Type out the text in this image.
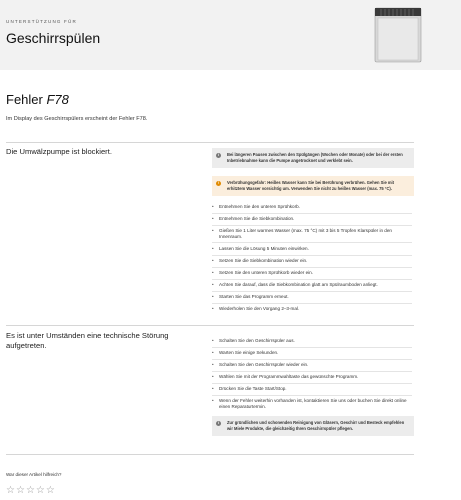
UNTERSTÜTZUNG FÜR
Geschirrspülen
Fehler F78
Im Display des Geschirrspülers erscheint der Fehler F78.
Die Umwälzpumpe ist blockiert.	i	Bei längeren Pausen zwischen den Spülgängen (Wochen oder Monate) oder bei der ersten Inbetriebnahme kann die Pumpe angetrocknet und verklebt sein.
!	Verbrühungsgefahr: Heißes Wasser kann Sie bei Berührung verbrühen. Gehen Sie mit erhitztem Wasser vorsichtig um. Verwenden Sie nicht zu heißes Wasser (max. 75 °C).
• Entnehmen Sie den unteren Sprühkorb.
• Entnehmen Sie die Siebkombination.
• Gießen Sie 1 Liter warmes Wasser (max. 75 °C) mit 3 bis 5 Tropfen Klarspüler in den Innenraum.
• Lassen Sie die Lösung 5 Minuten einwirken.
• Setzen Sie die Siebkombination wieder ein.
• Setzen Sie den unteren Sprühkorb wieder ein.
• Achten Sie darauf, dass die Siebkombination glatt am Spülraumboden anliegt.
• Starten Sie das Programm erneut.
• Wiederholen Sie den Vorgang 2–3-mal.
Es ist unter Umständen eine technische Störung aufgetreten.
• Schalten Sie den Geschirrspüler aus.
• Warten Sie einige Sekunden.
• Schalten Sie den Geschirrspüler wieder ein.
• Wählen Sie mit der Programmwahltaste das gewünschte Programm.
• Drücken Sie die Taste Start/Stop.
• Wenn der Fehler weiterhin vorhanden ist, kontaktieren Sie uns oder buchen Sie direkt online einen Reparaturtermin.
i	Zur gründlichen und schonenden Reinigung von Gläsern, Geschirr und Besteck empfehlen wir Miele Produkte, die gleichzeitig Ihren Geschirrspüler pflegen.
War dieser Artikel hilfreich?
☆☆☆☆☆
